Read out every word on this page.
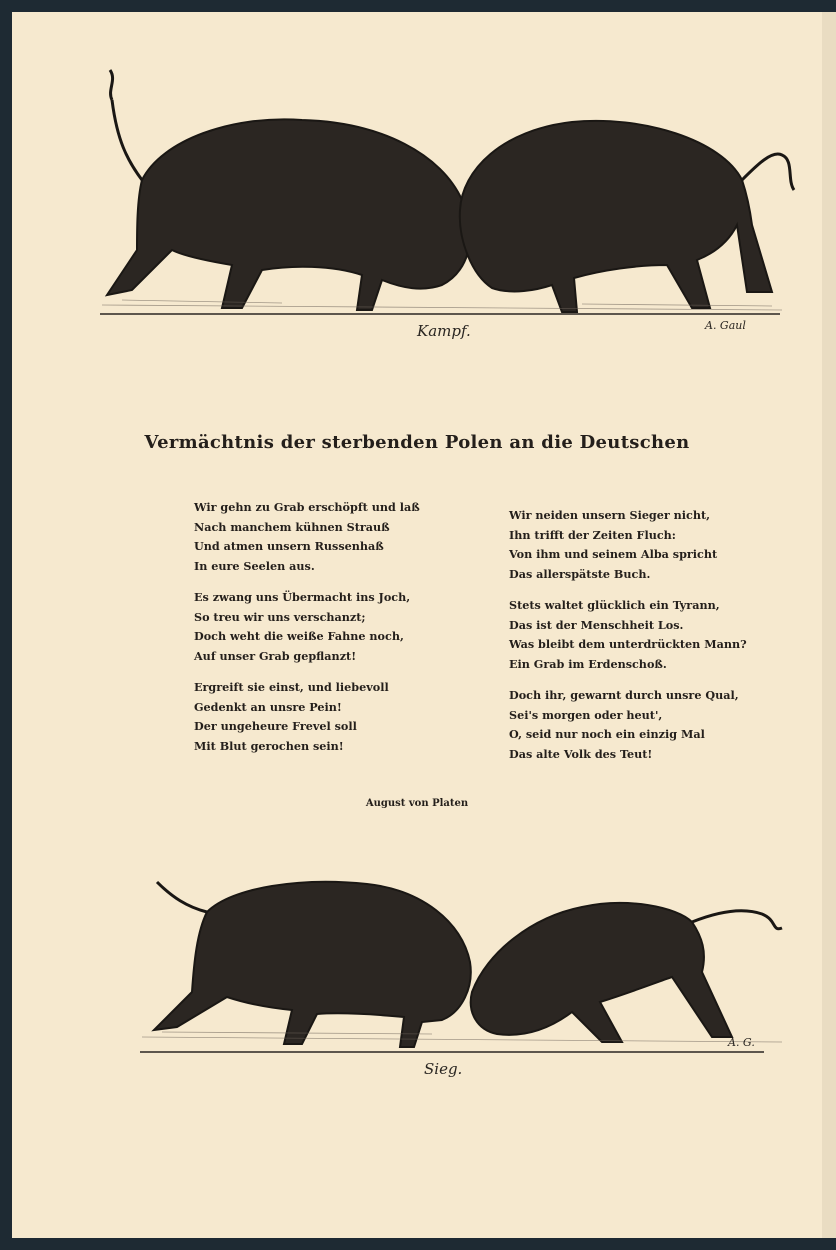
Kampf.	A. Gaul
Vermächtnis der sterbenden Polen an die Deutschen
Wir gehn zu Grab erschöpft und laß
Nach manchem kühnen Strauß
Und atmen unsern Russenhaß
In eure Seelen aus.
Es zwang uns Übermacht ins Joch,
So treu wir uns verschanzt;
Doch weht die weiße Fahne noch,
Auf unser Grab gepflanzt!
Ergreift sie einst, und liebevoll
Gedenkt an unsre Pein!
Der ungeheure Frevel soll
Mit Blut gerochen sein!
Wir neiden unsern Sieger nicht,
Ihn trifft der Zeiten Fluch:
Von ihm und seinem Alba spricht
Das allerspätste Buch.
Stets waltet glücklich ein Tyrann,
Das ist der Menschheit Los.
Was bleibt dem unterdrückten Mann?
Ein Grab im Erdenschoß.
Doch ihr, gewarnt durch unsre Qual,
Sei's morgen oder heut',
O, seid nur noch ein einzig Mal
Das alte Volk des Teut!
August von Platen
Sieg.
A. G.
